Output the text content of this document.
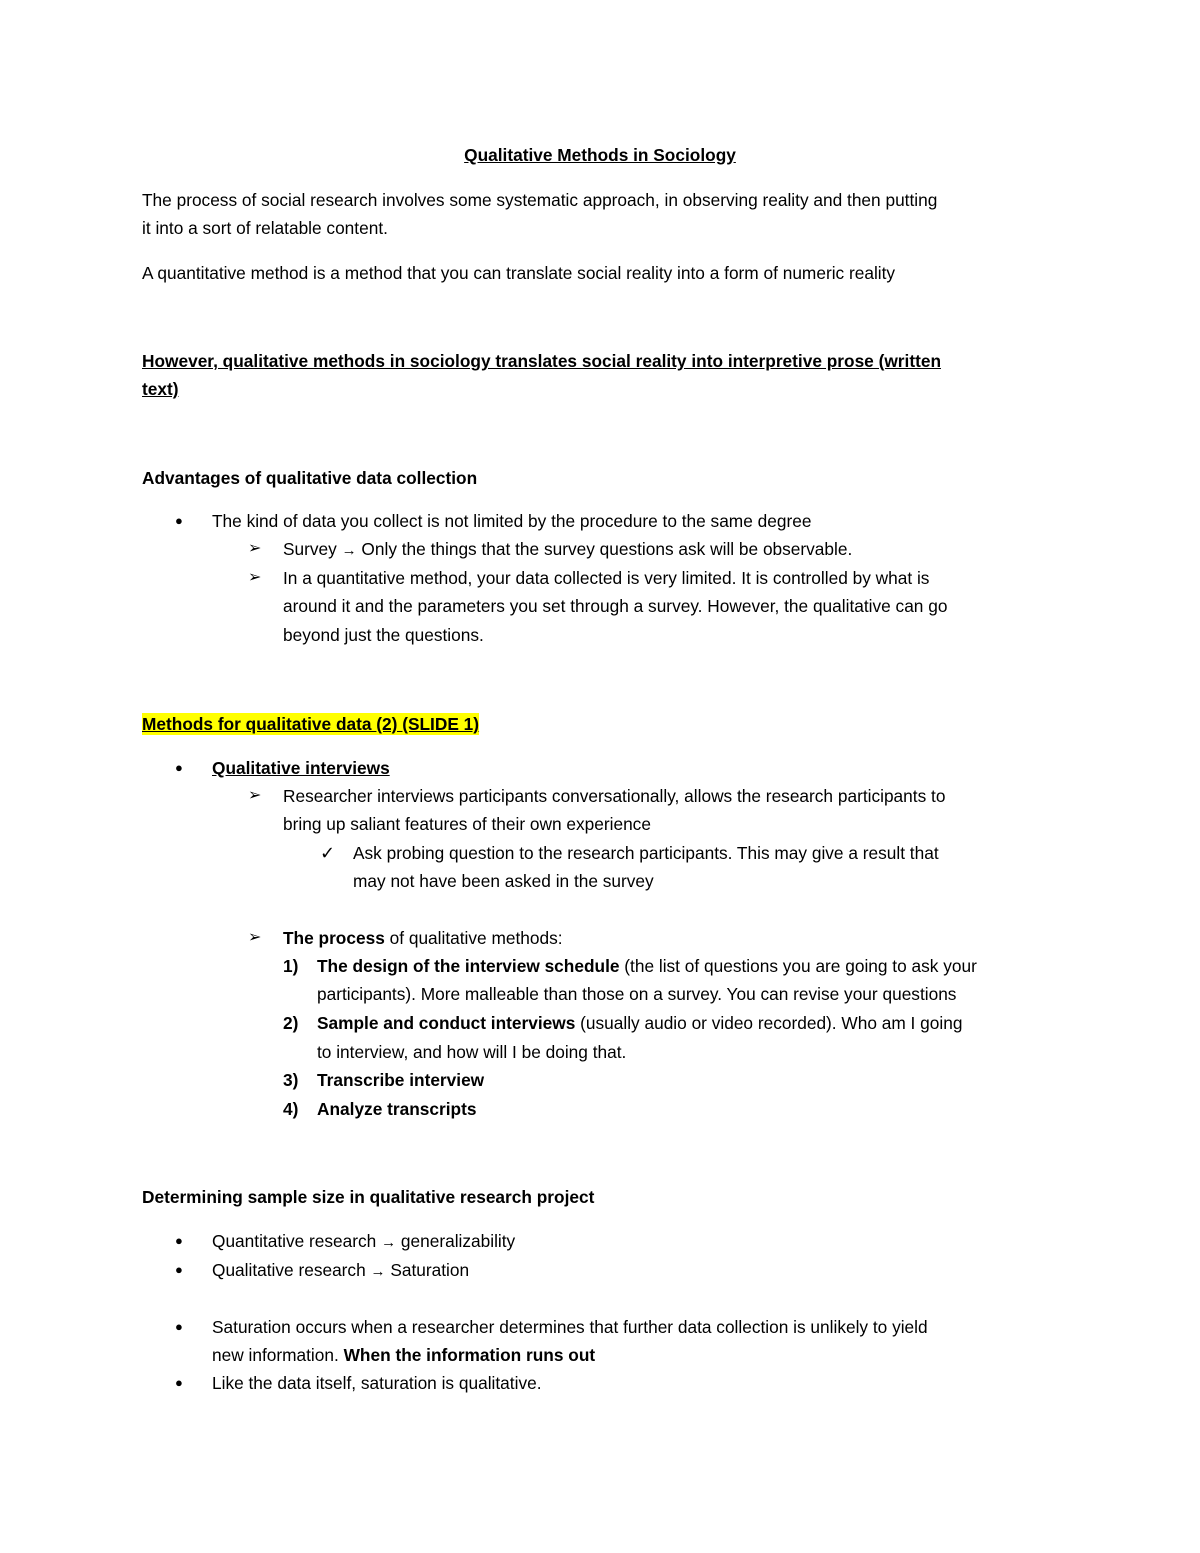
Qualitative Methods in Sociology
The process of social research involves some systematic approach, in observing reality and then putting
it into a sort of relatable content.
A quantitative method is a method that you can translate social reality into a form of numeric reality
However, qualitative methods in sociology translates social reality into interpretive prose (written
text)
Advantages of qualitative data collection
● The kind of data you collect is not limited by the procedure to the same degree
➢ Survey → Only the things that the survey questions ask will be observable.
➢ In a quantitative method, your data collected is very limited. It is controlled by what is
around it and the parameters you set through a survey. However, the qualitative can go
beyond just the questions.
Methods for qualitative data (2) (SLIDE 1)
● Qualitative interviews
➢ Researcher interviews participants conversationally, allows the research participants to
bring up saliant features of their own experience
✓ Ask probing question to the research participants. This may give a result that
may not have been asked in the survey
➢ The process of qualitative methods:
1) The design of the interview schedule (the list of questions you are going to ask your
participants). More malleable than those on a survey. You can revise your questions
2) Sample and conduct interviews (usually audio or video recorded). Who am I going
to interview, and how will I be doing that.
3) Transcribe interview
4) Analyze transcripts
Determining sample size in qualitative research project
● Quantitative research → generalizability
● Qualitative research → Saturation
● Saturation occurs when a researcher determines that further data collection is unlikely to yield
new information. When the information runs out
● Like the data itself, saturation is qualitative.
